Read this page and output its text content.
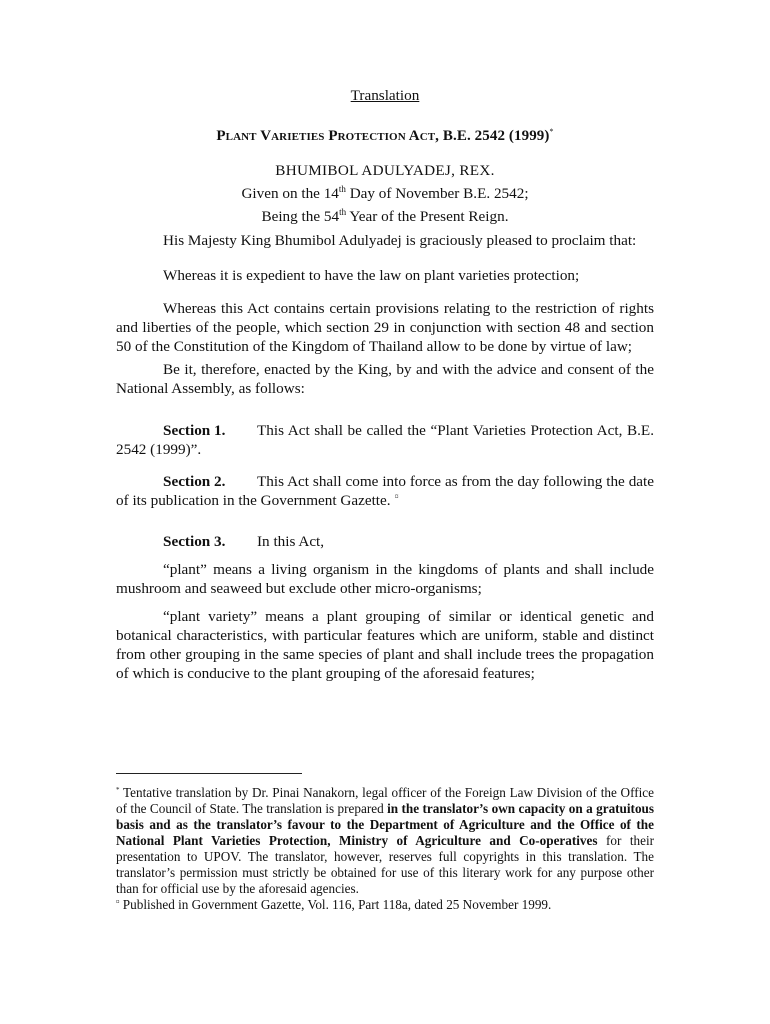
Translation

Plant Varieties Protection Act, B.E. 2542 (1999)*

BHUMIBOL ADULYADEJ, REX.

Given on the 14th Day of November B.E. 2542;

Being the 54th Year of the Present Reign.

His Majesty King Bhumibol Adulyadej is graciously pleased to proclaim that:

Whereas it is expedient to have the law on plant varieties protection;

Whereas this Act contains certain provisions relating to the restriction of rights and liberties of the people, which section 29 in conjunction with section 48 and section 50 of the Constitution of the Kingdom of Thailand allow to be done by virtue of law;

Be it, therefore, enacted by the King, by and with the advice and consent of the National Assembly, as follows:

Section 1. This Act shall be called the “Plant Varieties Protection Act, B.E. 2542 (1999)”.

Section 2. This Act shall come into force as from the day following the date of its publication in the Government Gazette. ¤

Section 3. In this Act,

“plant” means a living organism in the kingdoms of plants and shall include mushroom and seaweed but exclude other micro-organisms;

“plant variety” means a plant grouping of similar or identical genetic and botanical characteristics, with particular features which are uniform, stable and distinct from other grouping in the same species of plant and shall include trees the propagation of which is conducive to the plant grouping of the aforesaid features;

* Tentative translation by Dr. Pinai Nanakorn, legal officer of the Foreign Law Division of the Office of the Council of State. The translation is prepared in the translator’s own capacity on a gratuitous basis and as the translator’s favour to the Department of Agriculture and the Office of the National Plant Varieties Protection, Ministry of Agriculture and Co-operatives for their presentation to UPOV. The translator, however, reserves full copyrights in this translation. The translator’s permission must strictly be obtained for use of this literary work for any purpose other than for official use by the aforesaid agencies.

¤ Published in Government Gazette, Vol. 116, Part 118a, dated 25 November 1999.
